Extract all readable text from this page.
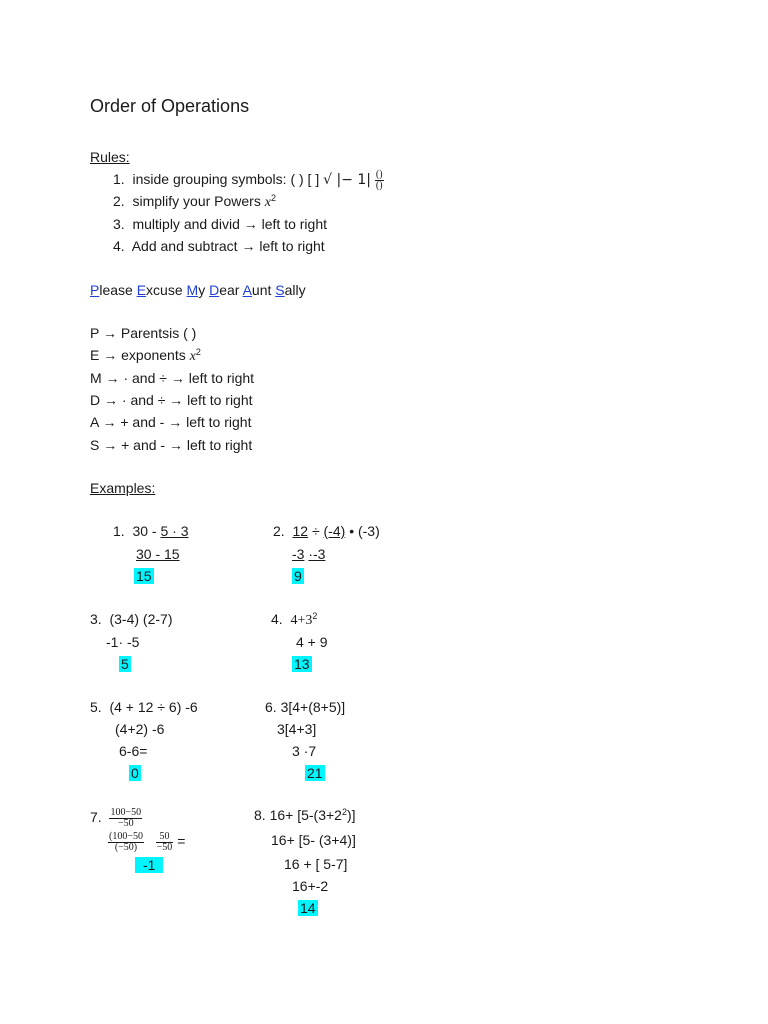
Order of Operations
Rules:
1. inside grouping symbols: ( ) [ ] √ |− $1| \frac{()}{()}$
2. simplify your Powers $x^2$
3. multiply and divid → left to right
4. Add and subtract → left to right
Please Excuse My Dear Aunt Sally
P → Parentsis ( )
E → exponents $x^2$
M → · and ÷ → left to right
D → · and ÷ → left to right
A → + and - → left to right
S → + and - → left to right
Examples:
1. 30 - 5 · 3
30 - 15
15
2. 12 ÷ (-4) • (-3)
-3 ·-3
9
3. (3-4) (2-7)
-1· -5
5
4. $4+3^2$
4 + 9
13
5. (4 + 12 ÷ 6) -6
(4+2) -6
6-6=
0
6. 3[4+(8+5)]
3[4+3]
3 ·7
21
7. $\frac{100-50}{-50}$
$\frac{(100-50}{(-50)}$
$\frac{50}{-50}$ =
-1
8. $16+ [5-(3+2^2)]$
16+ [5- (3+4)]
16 + [ 5-7]
16+-2
14
